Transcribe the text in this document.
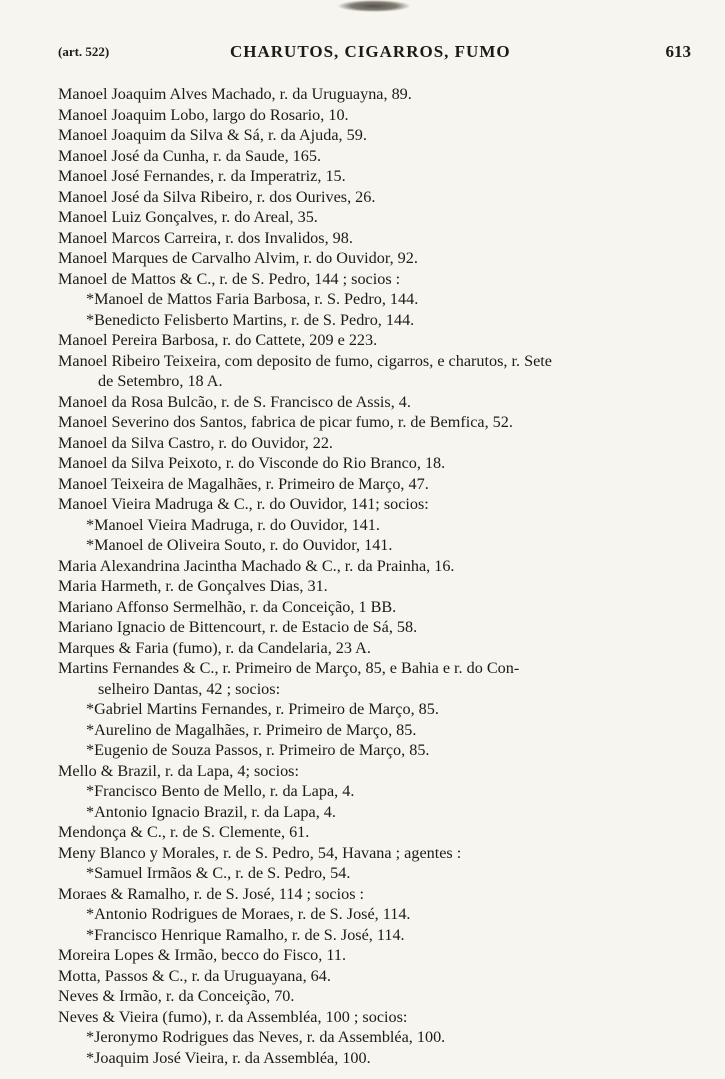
(art. 522)	CHARUTOS, CIGARROS, FUMO	613
Manoel Joaquim Alves Machado, r. da Uruguayna, 89.
Manoel Joaquim Lobo, largo do Rosario, 10.
Manoel Joaquim da Silva & Sá, r. da Ajuda, 59.
Manoel José da Cunha, r. da Saude, 165.
Manoel José Fernandes, r. da Imperatriz, 15.
Manoel José da Silva Ribeiro, r. dos Ourives, 26.
Manoel Luiz Gonçalves, r. do Areal, 35.
Manoel Marcos Carreira, r. dos Invalidos, 98.
Manoel Marques de Carvalho Alvim, r. do Ouvidor, 92.
Manoel de Mattos & C., r. de S. Pedro, 144 ; socios :
*Manoel de Mattos Faria Barbosa, r. S. Pedro, 144.
*Benedicto Felisberto Martins, r. de S. Pedro, 144.
Manoel Pereira Barbosa, r. do Cattete, 209 e 223.
Manoel Ribeiro Teixeira, com deposito de fumo, cigarros, e charutos, r. Sete
de Setembro, 18 A.
Manoel da Rosa Bulcão, r. de S. Francisco de Assis, 4.
Manoel Severino dos Santos, fabrica de picar fumo, r. de Bemfica, 52.
Manoel da Silva Castro, r. do Ouvidor, 22.
Manoel da Silva Peixoto, r. do Visconde do Rio Branco, 18.
Manoel Teixeira de Magalhães, r. Primeiro de Março, 47.
Manoel Vieira Madruga & C., r. do Ouvidor, 141; socios:
*Manoel Vieira Madruga, r. do Ouvidor, 141.
*Manoel de Oliveira Souto, r. do Ouvidor, 141.
Maria Alexandrina Jacintha Machado & C., r. da Prainha, 16.
Maria Harmeth, r. de Gonçalves Dias, 31.
Mariano Affonso Sermelhão, r. da Conceição, 1 BB.
Mariano Ignacio de Bittencourt, r. de Estacio de Sá, 58.
Marques & Faria (fumo), r. da Candelaria, 23 A.
Martins Fernandes & C., r. Primeiro de Março, 85, e Bahia e r. do Con-
selheiro Dantas, 42 ; socios:
*Gabriel Martins Fernandes, r. Primeiro de Março, 85.
*Aurelino de Magalhães, r. Primeiro de Março, 85.
*Eugenio de Souza Passos, r. Primeiro de Março, 85.
Mello & Brazil, r. da Lapa, 4; socios:
*Francisco Bento de Mello, r. da Lapa, 4.
*Antonio Ignacio Brazil, r. da Lapa, 4.
Mendonça & C., r. de S. Clemente, 61.
Meny Blanco y Morales, r. de S. Pedro, 54, Havana ; agentes :
*Samuel Irmãos & C., r. de S. Pedro, 54.
Moraes & Ramalho, r. de S. José, 114 ; socios :
*Antonio Rodrigues de Moraes, r. de S. José, 114.
*Francisco Henrique Ramalho, r. de S. José, 114.
Moreira Lopes & Irmão, becco do Fisco, 11.
Motta, Passos & C., r. da Uruguayana, 64.
Neves & Irmão, r. da Conceição, 70.
Neves & Vieira (fumo), r. da Assembléa, 100 ; socios:
*Jeronymo Rodrigues das Neves, r. da Assembléa, 100.
*Joaquim José Vieira, r. da Assembléa, 100.
